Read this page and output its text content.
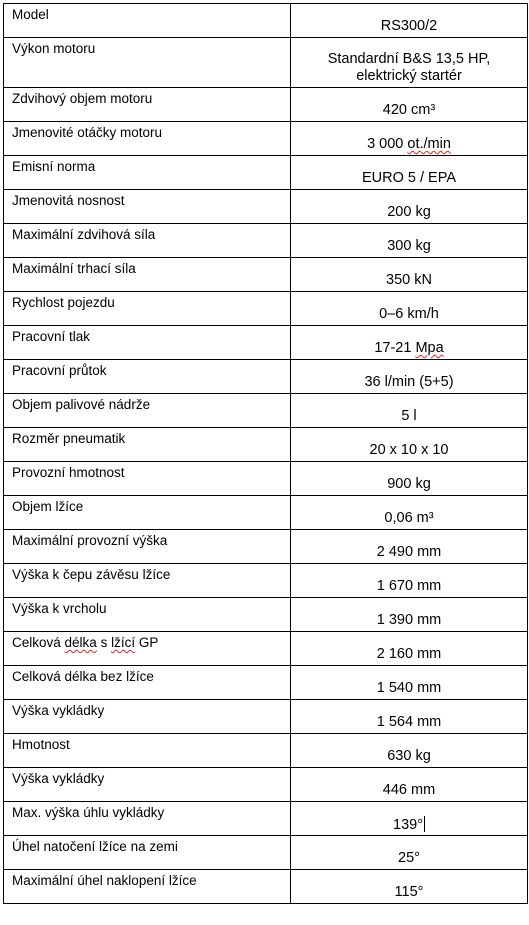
Model	RS300/2

Výkon motoru	Standardní B&S 13,5 HP, elektrický startér

Zdvihový objem motoru	420 cm³

Jmenovité otáčky motoru	3 000 ot./min

Emisní norma	EURO 5 / EPA

Jmenovitá nosnost	200 kg

Maximální zdvihová síla	300 kg

Maximální trhací síla	350 kN

Rychlost pojezdu	0–6 km/h

Pracovní tlak	17-21 Mpa

Pracovní průtok	36 l/min (5+5)

Objem palivové nádrže	5 l

Rozměr pneumatik	20 x 10 x 10

Provozní hmotnost	900 kg

Objem lžíce	0,06 m³

Maximální provozní výška	2 490 mm

Výška k čepu závěsu lžíce	1 670 mm

Výška k vrcholu	1 390 mm

Celková délka s lžící GP	2 160 mm

Celková délka bez lžíce	1 540 mm

Výška vykládky	1 564 mm

Hmotnost	630 kg

Výška vykládky	446 mm

Max. výška úhlu vykládky	139°

Úhel natočení lžíce na zemi	25°

Maximální úhel naklopení lžíce	115°
